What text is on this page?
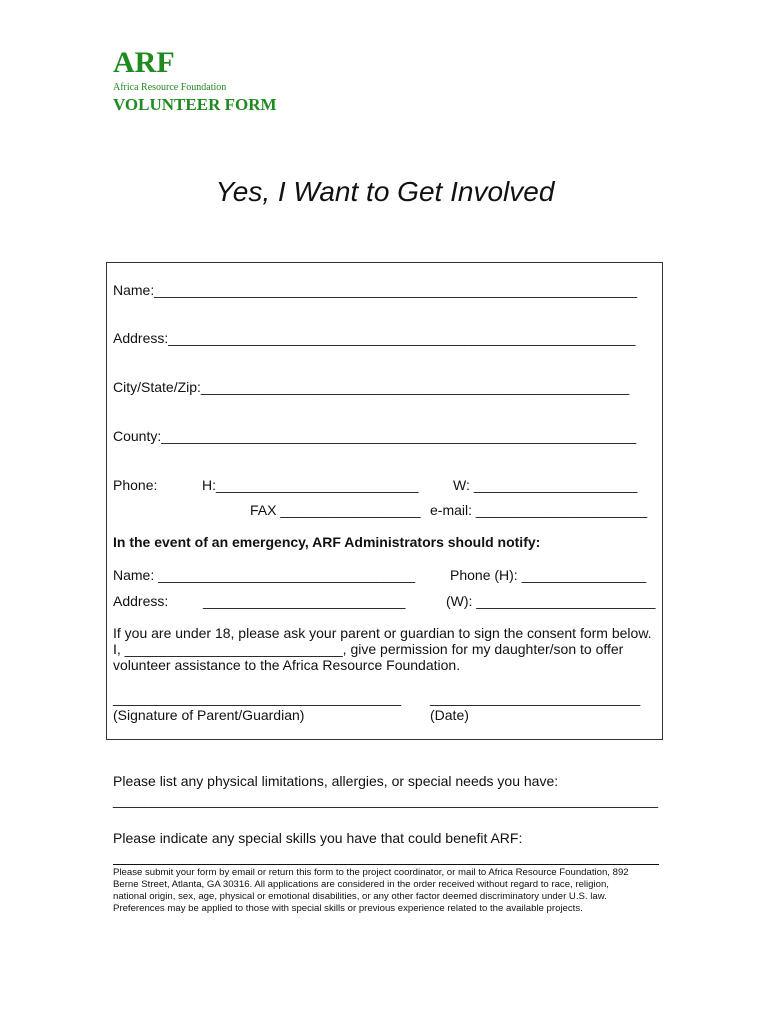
ARF
Africa Resource Foundation
VOLUNTEER FORM
Yes, I Want to Get Involved
Name:______________________________________________________________
Address:____________________________________________________________
City/State/Zip:_______________________________________________________
County:_____________________________________________________________
Phone:	H:__________________________ W: _____________________
FAX __________________ e-mail: ______________________
In the event of an emergency, ARF Administrators should notify:
Name: _________________________________ Phone (H): ________________
Address: __________________________	(W): _______________________
If you are under 18, please ask your parent or guardian to sign the consent form below.
I, ____________________________, give permission for my daughter/son to offer
volunteer assistance to the Africa Resource Foundation.
_____________________________________ ___________________________
(Signature of Parent/Guardian)	(Date)
Please list any physical limitations, allergies, or special needs you have:
______________________________________________________________________
Please indicate any special skills you have that could benefit ARF:
Please submit your form by email or return this form to the project coordinator, or mail to Africa Resource Foundation, 892
Berne Street, Atlanta, GA 30316. All applications are considered in the order received without regard to race, religion,
national origin, sex, age, physical or emotional disabilities, or any other factor deemed discriminatory under U.S. law.
Preferences may be applied to those with special skills or previous experience related to the available projects.
